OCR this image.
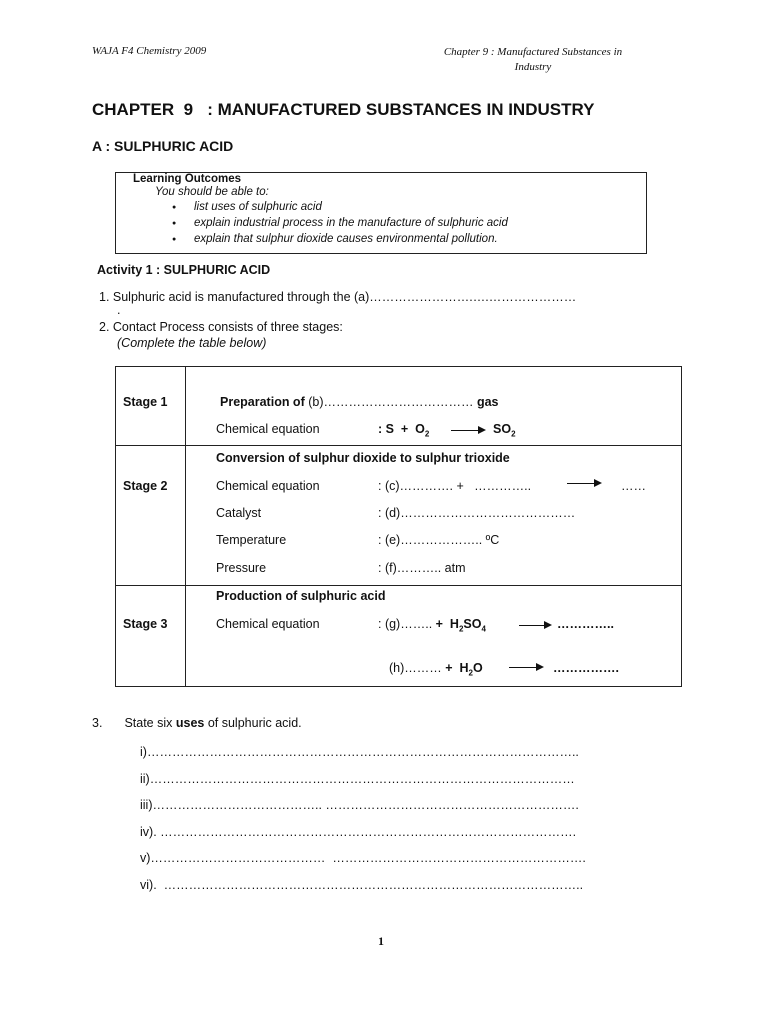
WAJA F4 Chemistry 2009	Chapter 9 : Manufactured Substances in
Industry
CHAPTER  9   : MANUFACTURED SUBSTANCES IN INDUSTRY
A : SULPHURIC ACID
Learning Outcomes
You should be able to:
● list uses of sulphuric acid
● explain industrial process in the manufacture of sulphuric acid
● explain that sulphur dioxide causes environmental pollution.
Activity 1 : SULPHURIC ACID
1. Sulphuric acid is manufactured through the (a)…………………….….…………………
.
2. Contact Process consists of three stages:
(Complete the table below)
Stage 1	Preparation of (b)……………………………… gas
Chemical equation	: $S + O_2$	$SO_2$
Conversion of sulphur dioxide to sulphur trioxide
Stage 2	Chemical equation	: (c)…………. +   …………..	……
Catalyst	: (d)……………………………………
Temperature	: (e)……………….. ºC
Pressure	: (f)……….. atm
Production of sulphuric acid
Stage 3	Chemical equation	: (g)…….. +  $H_2SO_4$	…………..
(h)……… +  $H_2O$	…………….
3. State six uses of sulphuric acid.
i)…………………………………………………………………………………………..
ii)…………………………………………………………………………………………
iii)………………………………….. …………………………………………………….
iv). ……………………………………………………………………………………….
v)……………………………………  …………………………………………………….
vi).  ………………………………………………………………………………………..
1
